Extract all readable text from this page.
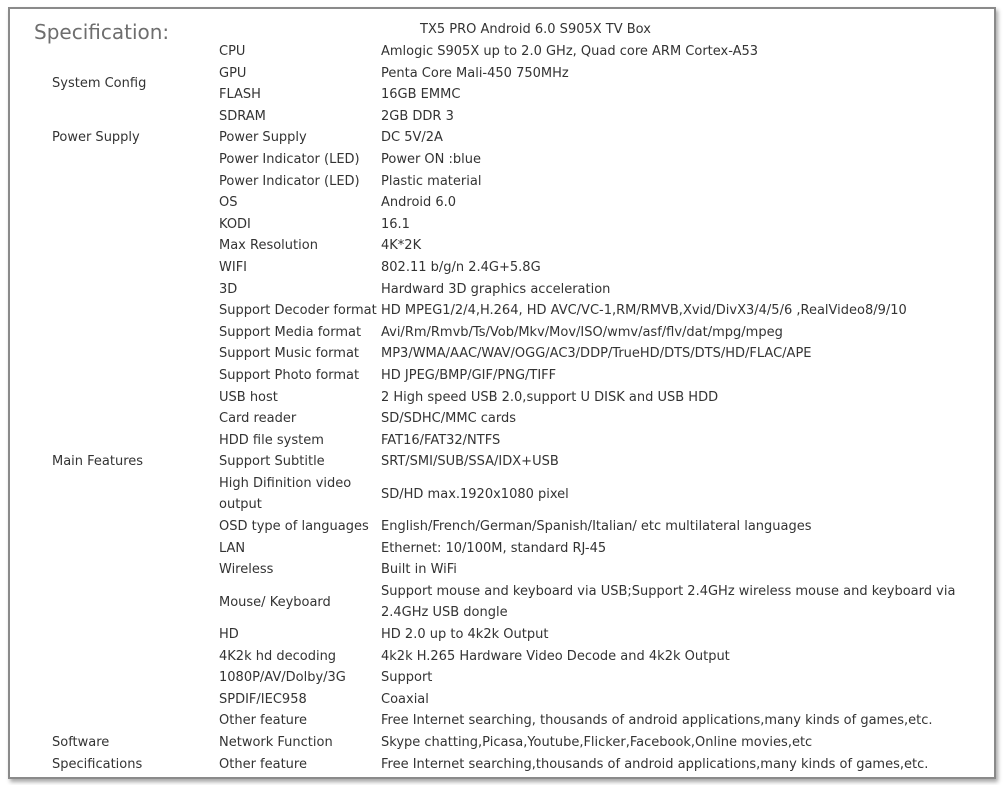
Specification:	TX5 PRO Android 6.0 S905X TV Box
System Config	CPU	Amlogic S905X up to 2.0 GHz, Quad core ARM Cortex-A53
	GPU	Penta Core Mali-450 750MHz
	FLASH	16GB EMMC
	SDRAM	2GB DDR 3
Power Supply	Power Supply	DC 5V/2A
	Power Indicator (LED)	Power ON :blue
	Power Indicator (LED)	Plastic material
Main Features	OS	Android 6.0
	KODI	16.1
	Max Resolution	4K*2K
	WIFI	802.11 b/g/n 2.4G+5.8G
	3D	Hardward 3D graphics acceleration
	Support Decoder format	HD MPEG1/2/4,H.264, HD AVC/VC-1,RM/RMVB,Xvid/DivX3/4/5/6 ,RealVideo8/9/10
	Support Media format	Avi/Rm/Rmvb/Ts/Vob/Mkv/Mov/ISO/wmv/asf/flv/dat/mpg/mpeg
	Support Music format	MP3/WMA/AAC/WAV/OGG/AC3/DDP/TrueHD/DTS/DTS/HD/FLAC/APE
	Support Photo format	HD JPEG/BMP/GIF/PNG/TIFF
	USB host	2 High speed USB 2.0,support U DISK and USB HDD
	Card reader	SD/SDHC/MMC cards
	HDD file system	FAT16/FAT32/NTFS
	Support Subtitle	SRT/SMI/SUB/SSA/IDX+USB
	High Difinition video output	SD/HD max.1920x1080 pixel
	OSD type of languages	English/French/German/Spanish/Italian/ etc multilateral languages
	LAN	Ethernet: 10/100M, standard RJ-45
	Wireless	Built in WiFi
	Mouse/ Keyboard	Support mouse and keyboard via USB;Support 2.4GHz wireless mouse and keyboard via 2.4GHz USB dongle
	HD	HD 2.0 up to 4k2k Output
	4K2k hd decoding	4k2k H.265 Hardware Video Decode and 4k2k Output
	1080P/AV/Dolby/3G	Support
	SPDIF/IEC958	Coaxial
	Other feature	Free Internet searching, thousands of android applications,many kinds of games,etc.
Software Specifications	Network Function	Skype chatting,Picasa,Youtube,Flicker,Facebook,Online movies,etc
	Other feature	Free Internet searching,thousands of android applications,many kinds of games,etc.
